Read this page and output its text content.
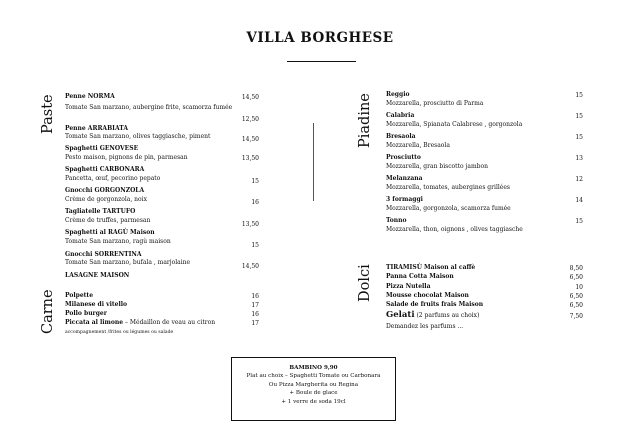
VILLA BORGHESE
Paste
Carne
Piadine
Dolci
Penne NORMA
Tomate San marzano, aubergine frite, scamorza fumée
14,50
Penne ARRABIATA
Tomate San marzano, olives taggiasche, piment
12,50
Spaghetti GENOVESE
Pesto maison, pignons de pin, parmesan
14,50
Spaghetti CARBONARA
Pancetta, œuf, pecorino pepato
13,50
Gnocchi GORGONZOLA
Crème de gorgonzola, noix
15
Tagliatelle TARTUFO
Crème de truffes, parmesan
16
Spaghetti al RAGÙ Maison
Tomate San marzano, ragù maison
13,50
Gnocchi SORRENTINA
Tomate San marzano, bufala , marjolaine
15
LASAGNE MAISON
14,50
Polpette	16
Milanese di vitello	17
Pollo burger	16
Piccata al limone – Médaillon de veau au citron	17
accompagnement /frites ou légumes ou salade
Reggio
Mozzarella, prosciutto di Parma
15
Calabria
Mozzarella, Spianata Calabrese , gorgonzola
15
Bresaola
Mozzarella, Bresaola
15
Prosciutto
Mozzarella, gran biscotto jambon
13
Melanzana
Mozzarella, tomates, aubergines grillées
12
3 formaggi
Mozzarella, gorgonzola, scamorza fumée
14
Tonno
Mozzarella, thon, oignons , olives taggiasche
15
TIRAMISÙ Maison al caffè	8,50
Panna Cotta Maison	6,50
Pizza Nutella	10
Mousse chocolat Maison	6,50
Salade de fruits frais Maison	6,50
Gelati (2 parfums au choix)	7,50
Demandez les parfums ...
BAMBINO 9,90
Plat au choix – Spaghetti Tomate ou Carbonara
Ou Pizza Margherita ou Regina
+ Boule de glace
+ 1 verre de soda 19cl
